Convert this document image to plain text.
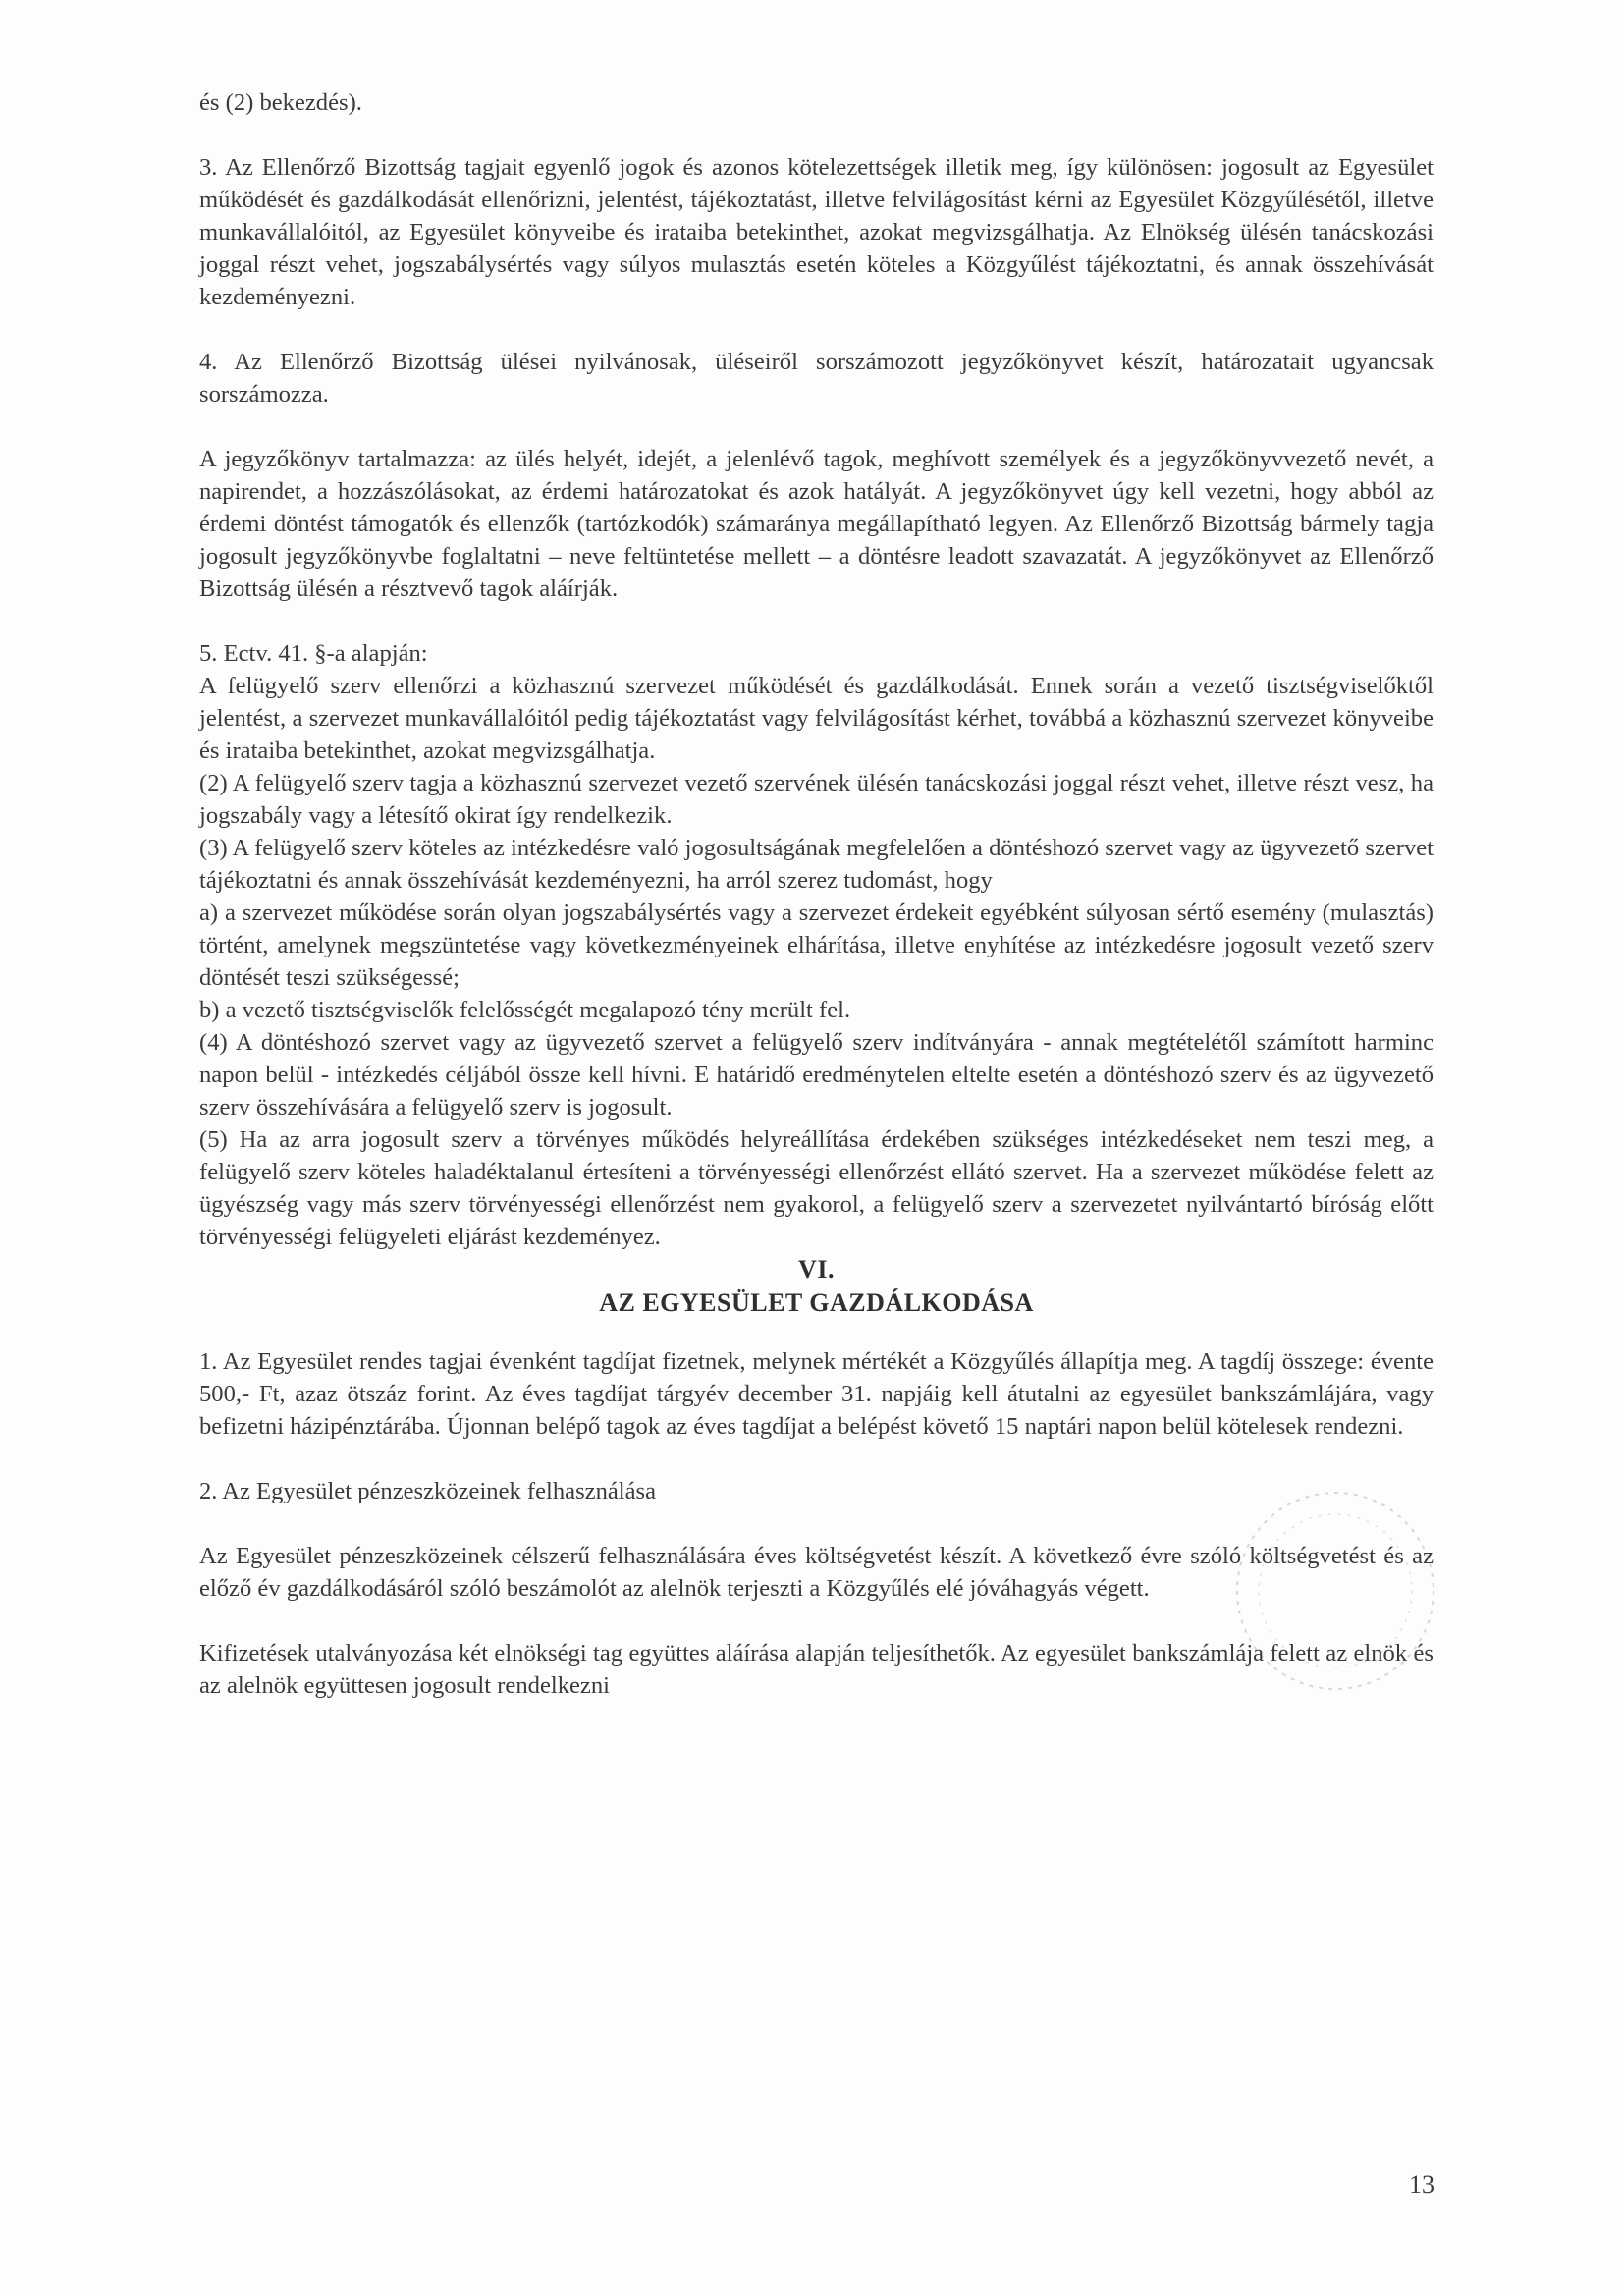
és (2) bekezdés).

3. Az Ellenőrző Bizottság tagjait egyenlő jogok és azonos kötelezettségek illetik meg, így különösen: jogosult az Egyesület működését és gazdálkodását ellenőrizni, jelentést, tájékoztatást, illetve felvilágosítást kérni az Egyesület Közgyűlésétől, illetve munkavállalóitól, az Egyesület könyveibe és irataiba betekinthet, azokat megvizsgálhatja. Az Elnökség ülésén tanácskozási joggal részt vehet, jogszabálysértés vagy súlyos mulasztás esetén köteles a Közgyűlést tájékoztatni, és annak összehívását kezdeményezni.

4. Az Ellenőrző Bizottság ülései nyilvánosak, üléseiről sorszámozott jegyzőkönyvet készít, határozatait ugyancsak sorszámozza.

A jegyzőkönyv tartalmazza: az ülés helyét, idejét, a jelenlévő tagok, meghívott személyek és a jegyzőkönyvvezető nevét, a napirendet, a hozzászólásokat, az érdemi határozatokat és azok hatályát. A jegyzőkönyvet úgy kell vezetni, hogy abból az érdemi döntést támogatók és ellenzők (tartózkodók) számaránya megállapítható legyen. Az Ellenőrző Bizottság bármely tagja jogosult jegyzőkönyvbe foglaltatni – neve feltüntetése mellett – a döntésre leadott szavazatát. A jegyzőkönyvet az Ellenőrző Bizottság ülésén a résztvevő tagok aláírják.

5. Ectv. 41. §-a alapján:

A felügyelő szerv ellenőrzi a közhasznú szervezet működését és gazdálkodását. Ennek során a vezető tisztségviselőktől jelentést, a szervezet munkavállalóitól pedig tájékoztatást vagy felvilágosítást kérhet, továbbá a közhasznú szervezet könyveibe és irataiba betekinthet, azokat megvizsgálhatja.

(2) A felügyelő szerv tagja a közhasznú szervezet vezető szervének ülésén tanácskozási joggal részt vehet, illetve részt vesz, ha jogszabály vagy a létesítő okirat így rendelkezik.

(3) A felügyelő szerv köteles az intézkedésre való jogosultságának megfelelően a döntéshozó szervet vagy az ügyvezető szervet tájékoztatni és annak összehívását kezdeményezni, ha arról szerez tudomást, hogy

a) a szervezet működése során olyan jogszabálysértés vagy a szervezet érdekeit egyébként súlyosan sértő esemény (mulasztás) történt, amelynek megszüntetése vagy következményeinek elhárítása, illetve enyhítése az intézkedésre jogosult vezető szerv döntését teszi szükségessé;

b) a vezető tisztségviselők felelősségét megalapozó tény merült fel.

(4) A döntéshozó szervet vagy az ügyvezető szervet a felügyelő szerv indítványára - annak megtételétől számított harminc napon belül - intézkedés céljából össze kell hívni. E határidő eredménytelen eltelte esetén a döntéshozó szerv és az ügyvezető szerv összehívására a felügyelő szerv is jogosult.

(5) Ha az arra jogosult szerv a törvényes működés helyreállítása érdekében szükséges intézkedéseket nem teszi meg, a felügyelő szerv köteles haladéktalanul értesíteni a törvényességi ellenőrzést ellátó szervet. Ha a szervezet működése felett az ügyészség vagy más szerv törvényességi ellenőrzést nem gyakorol, a felügyelő szerv a szervezetet nyilvántartó bíróság előtt törvényességi felügyeleti eljárást kezdeményez.

VI.
AZ EGYESÜLET GAZDÁLKODÁSA

1. Az Egyesület rendes tagjai évenként tagdíjat fizetnek, melynek mértékét a Közgyűlés állapítja meg. A tagdíj összege: évente 500,- Ft, azaz ötszáz forint. Az éves tagdíjat tárgyév december 31. napjáig kell átutalni az egyesület bankszámlájára, vagy befizetni házipénztárába. Újonnan belépő tagok az éves tagdíjat a belépést követő 15 naptári napon belül kötelesek rendezni.

2. Az Egyesület pénzeszközeinek felhasználása

Az Egyesület pénzeszközeinek célszerű felhasználására éves költségvetést készít. A következő évre szóló költségvetést és az előző év gazdálkodásáról szóló beszámolót az alelnök terjeszti a Közgyűlés elé jóváhagyás végett.

Kifizetések utalványozása két elnökségi tag együttes aláírása alapján teljesíthetők. Az egyesület bankszámlája felett az elnök és az alelnök együttesen jogosult rendelkezni

13
